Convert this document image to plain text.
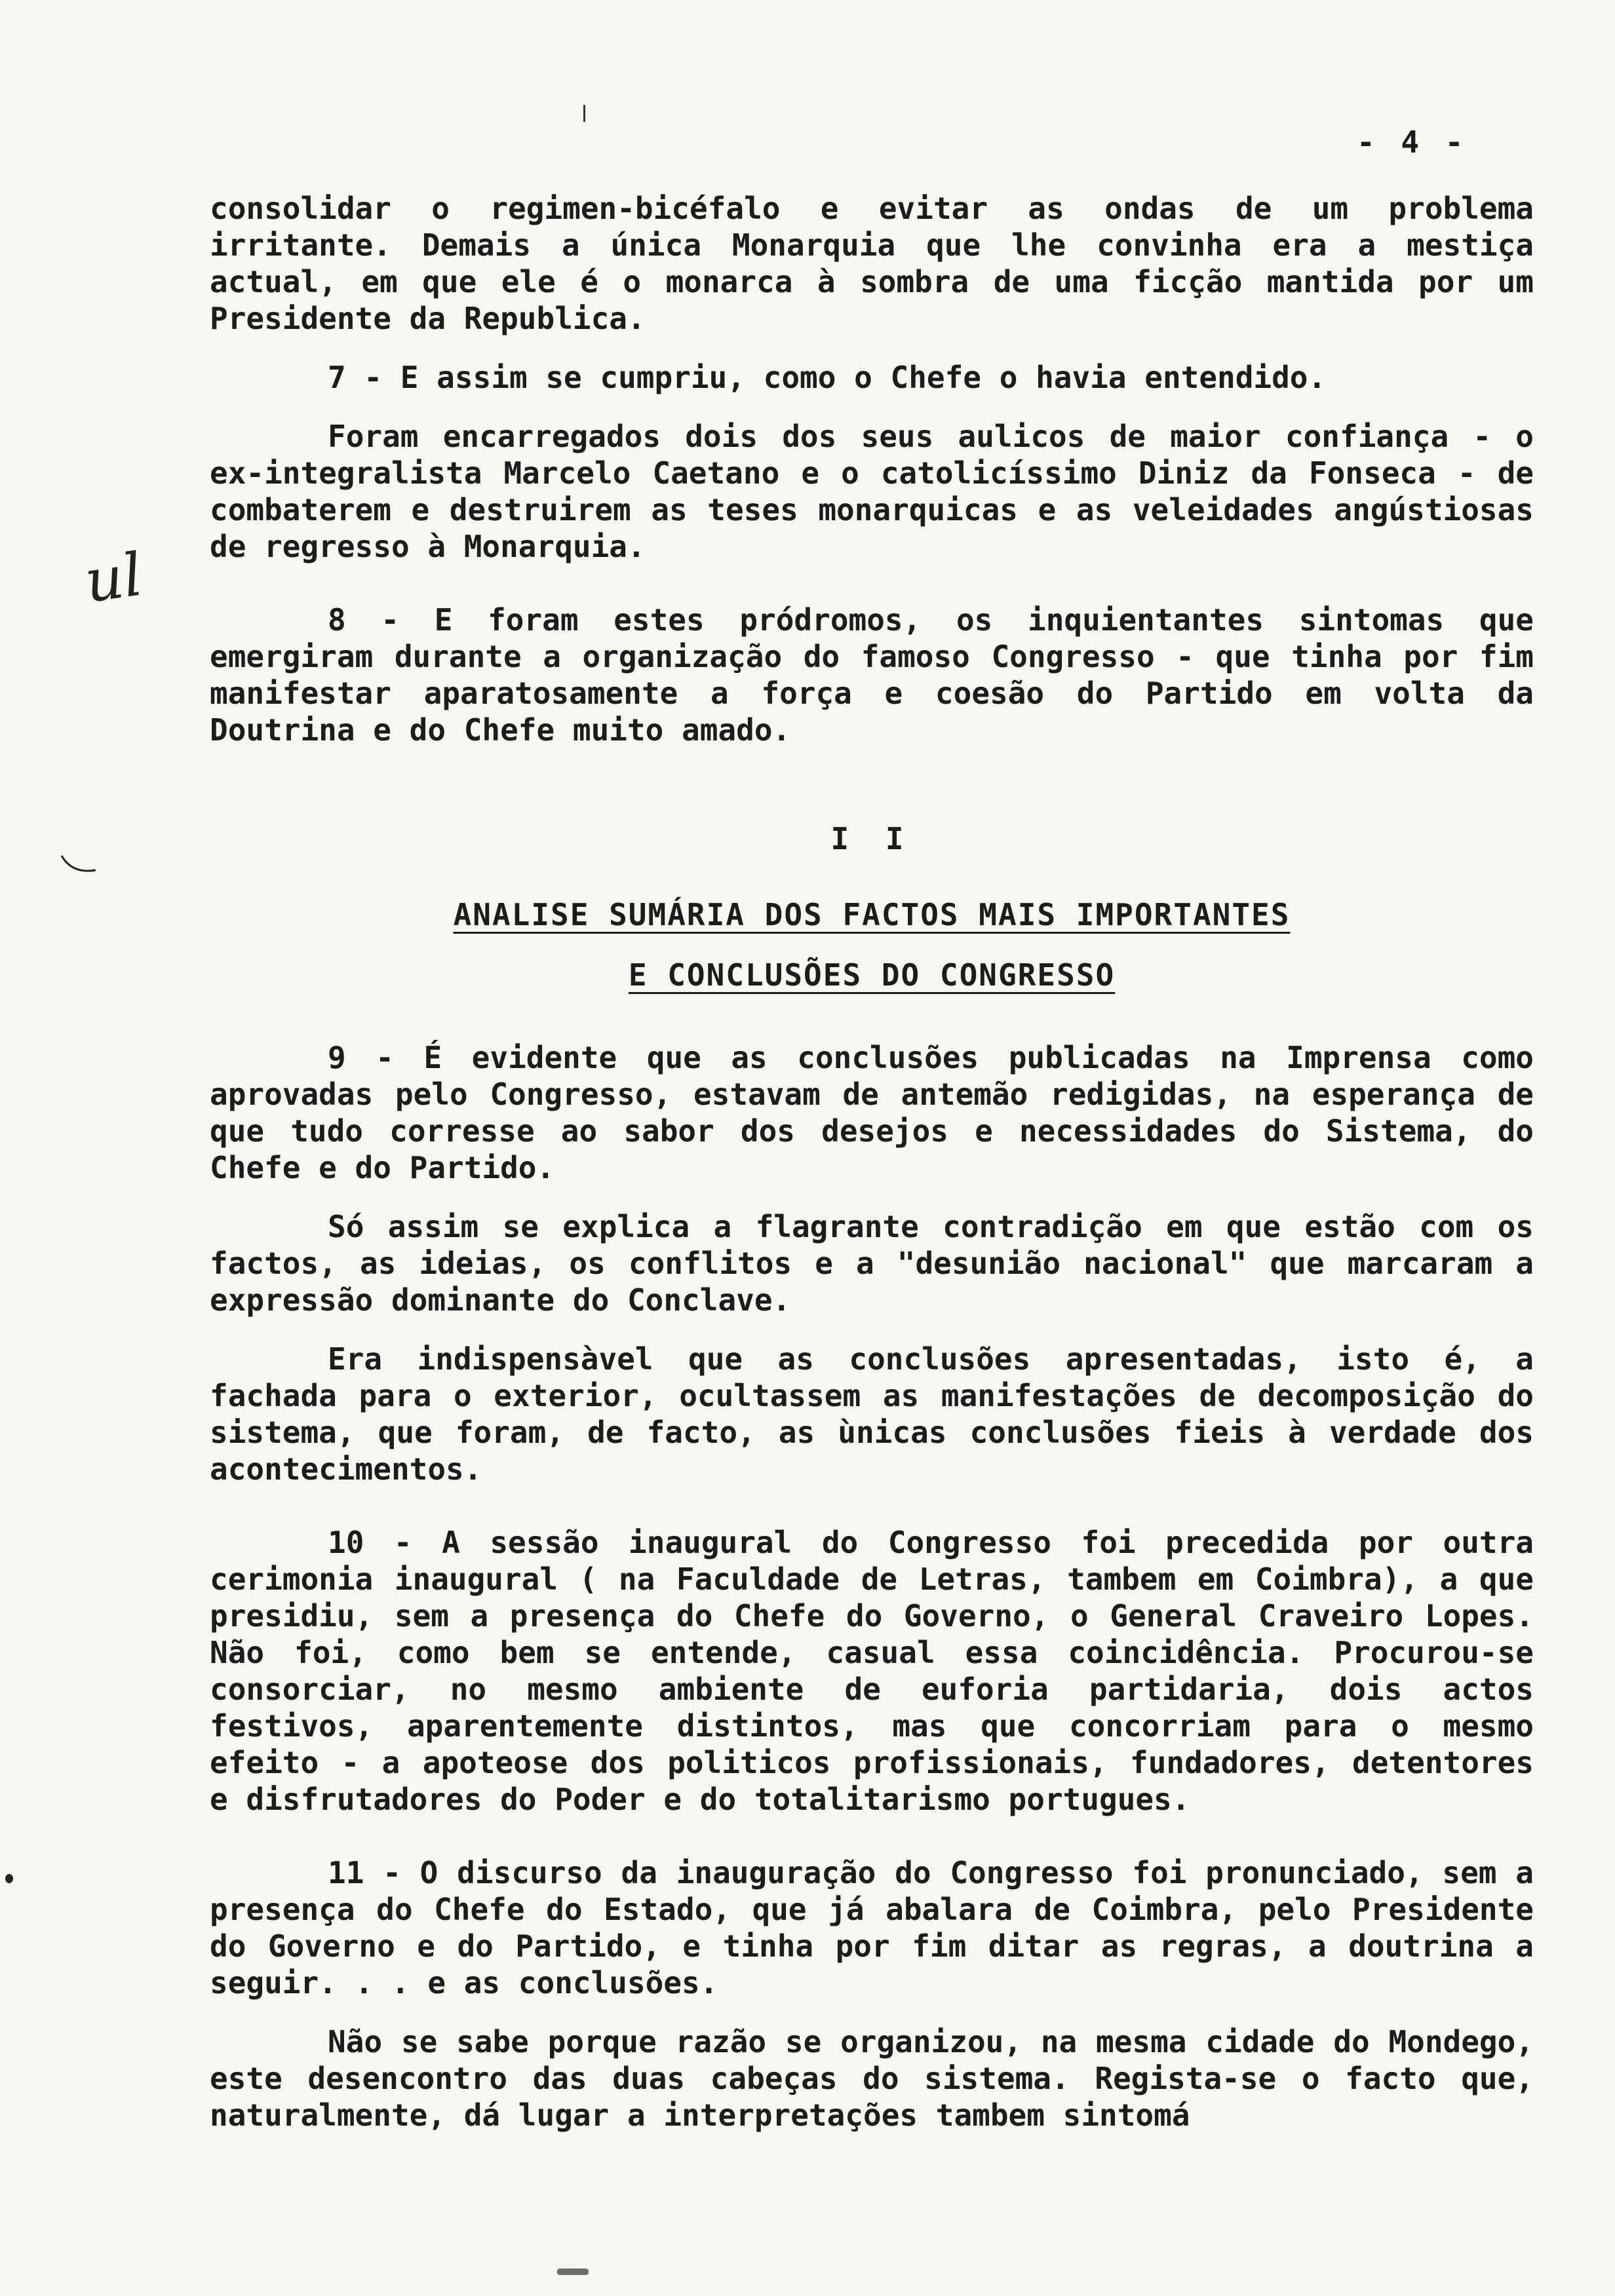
- 4 -
ul

consolidar o regimen-bicéfalo e evitar as ondas de um problema irritante. Demais a única Monarquia que lhe convinha era a mestiça actual, em que ele é o monarca à sombra de uma ficção mantida por um Presidente da Republica.

7 - E assim se cumpriu, como o Chefe o havia entendido.

Foram encarregados dois dos seus aulicos de maior confiança - o ex-integralista Marcelo Caetano e o catolicíssimo Diniz da Fonseca - de combaterem e destruirem as teses monarquicas e as veleidades angústiosas de regresso à Monarquia.

8 - E foram estes pródromos, os inquientantes sintomas que emergiram durante a organização do famoso Congresso - que tinha por fim manifestar aparatosamente a força e coesão do Partido em volta da Doutrina e do Chefe muito amado.

I I
ANALISE SUMÁRIA DOS FACTOS MAIS IMPORTANTES
E CONCLUSÕES DO CONGRESSO

9 - É evidente que as conclusões publicadas na Imprensa como aprovadas pelo Congresso, estavam de antemão redigidas, na esperança de que tudo corresse ao sabor dos desejos e necessidades do Sistema, do Chefe e do Partido.

Só assim se explica a flagrante contradição em que estão com os factos, as ideias, os conflitos e a "desunião nacional" que marcaram a expressão dominante do Conclave.

Era indispensàvel que as conclusões apresentadas, isto é, a fachada para o exterior, ocultassem as manifestações de decomposição do sistema, que foram, de facto, as ùnicas conclusões fieis à verdade dos acontecimentos.

10 - A sessão inaugural do Congresso foi precedida por outra cerimonia inaugural ( na Faculdade de Letras, tambem em Coimbra), a que presidiu, sem a presença do Chefe do Governo, o General Craveiro Lopes. Não foi, como bem se entende, casual essa coincidência. Procurou-se consorciar, no mesmo ambiente de euforia partidaria, dois actos festivos, aparentemente distintos, mas que concorriam para o mesmo efeito - a apoteose dos politicos profissionais, fundadores, detentores e disfrutadores do Poder e do totalitarismo portugues.

11 - O discurso da inauguração do Congresso foi pronunciado, sem a presença do Chefe do Estado, que já abalara de Coimbra, pelo Presidente do Governo e do Partido, e tinha por fim ditar as regras, a doutrina a seguir. . . e as conclusões.

Não se sabe porque razão se organizou, na mesma cidade do Mondego, este desencontro das duas cabeças do sistema. Regista-se o facto que, naturalmente, dá lugar a interpretações tambem sintomá
